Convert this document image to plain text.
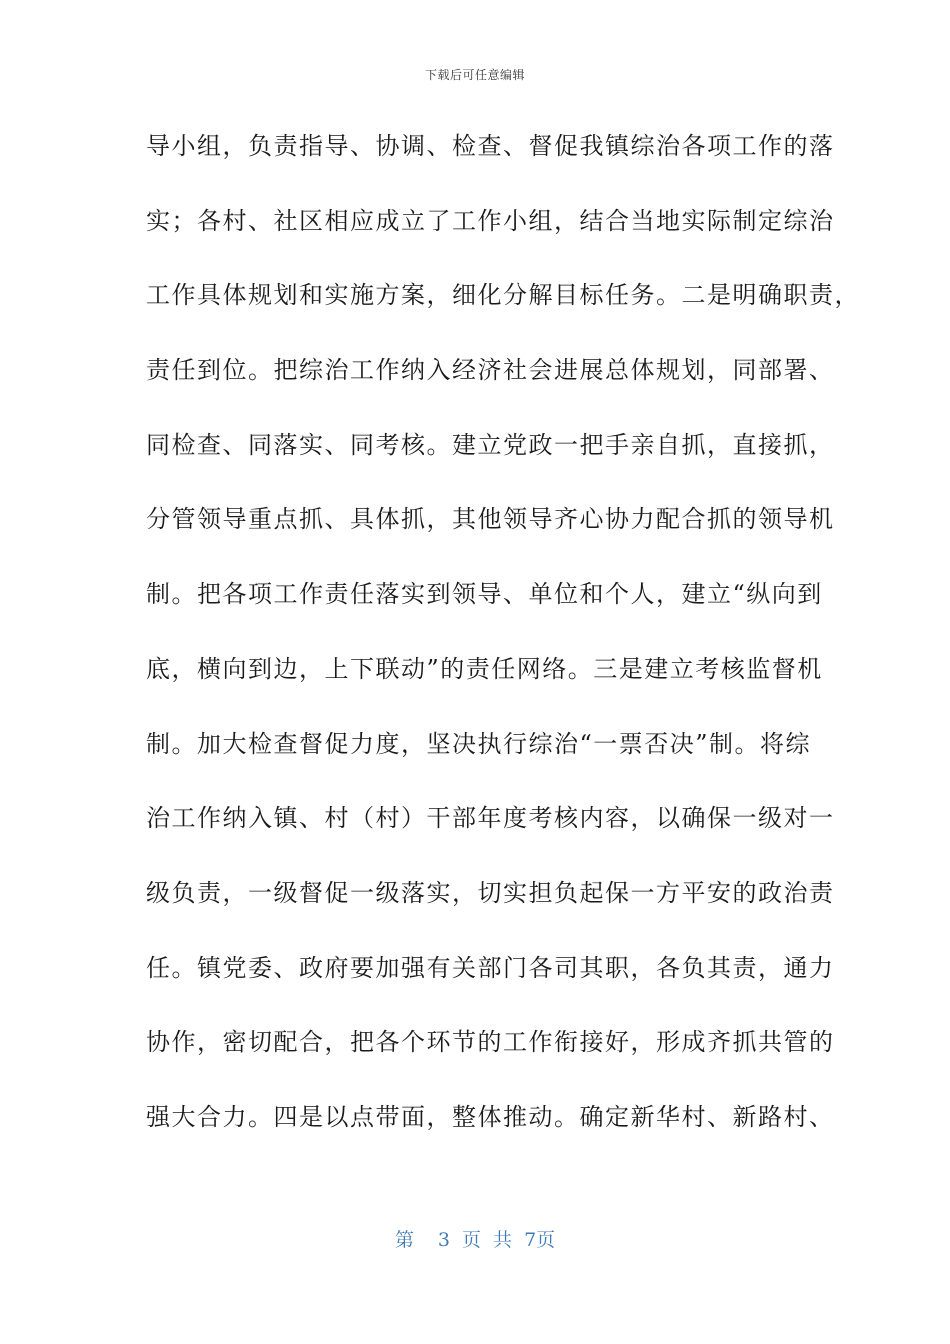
下载后可任意编辑
导小组，负责指导、协调、检查、督促我镇综治各项工作的落
实；各村、社区相应成立了工作小组，结合当地实际制定综治
工作具体规划和实施方案，细化分解目标任务。二是明确职责，
责任到位。把综治工作纳入经济社会进展总体规划，同部署、
同检查、同落实、同考核。建立党政一把手亲自抓，直接抓，
分管领导重点抓、具体抓，其他领导齐心协力配合抓的领导机
制。把各项工作责任落实到领导、单位和个人，建立“纵向到
底，横向到边，上下联动”的责任网络。三是建立考核监督机
制。加大检查督促力度，坚决执行综治“一票否决”制。将综
治工作纳入镇、村（村）干部年度考核内容，以确保一级对一
级负责，一级督促一级落实，切实担负起保一方平安的政治责
任。镇党委、政府要加强有关部门各司其职，各负其责，通力
协作，密切配合，把各个环节的工作衔接好，形成齐抓共管的
强大合力。四是以点带面，整体推动。确定新华村、新路村、
第  3 页 共 7页
